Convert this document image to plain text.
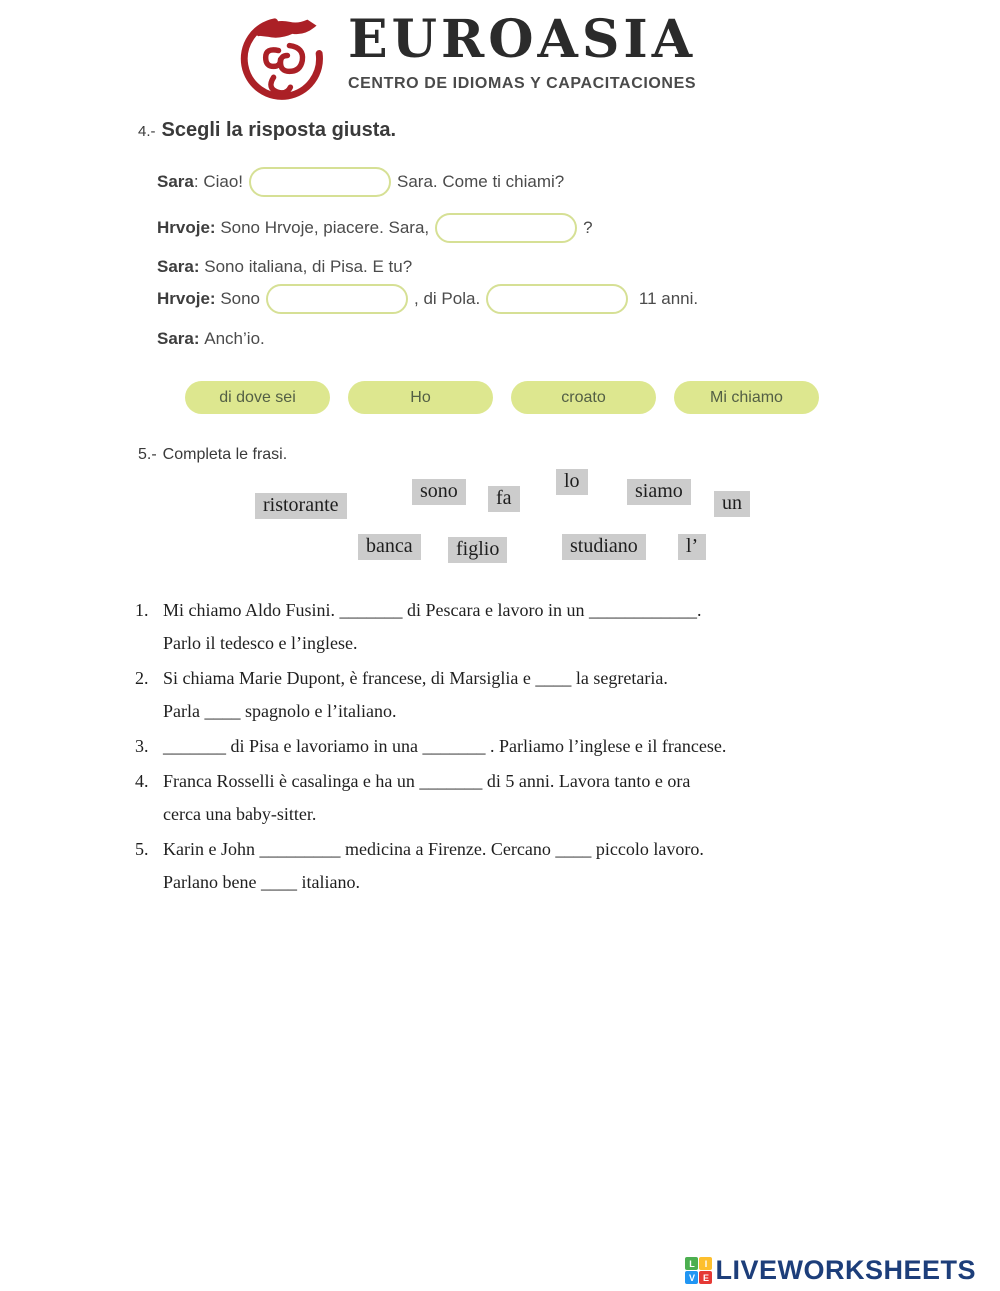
EUROASIA
CENTRO DE IDIOMAS Y CAPACITACIONES
4.- Scegli la risposta giusta.
Sara : Ciao!	Sara. Come ti chiami?
Hrvoje: Sono Hrvoje, piacere. Sara,	?
Sara: Sono italiana, di Pisa. E tu?
Hrvoje: Sono	, di Pola.	11 anni.
Sara: Anch’io.
di dove sei	Ho	croato	Mi chiamo
5.- Completa le frasi.
ristorante
sono	fa
lo	siamo
un
banca	figlio	studiano	l’
1. Mi chiamo Aldo Fusini. _______ di Pescara e lavoro in un ____________.
Parlo il tedesco e l’inglese.
2. Si chiama Marie Dupont, è francese, di Marsiglia e ____ la segretaria.
Parla ____ spagnolo e l’italiano.
3. _______ di Pisa e lavoriamo in una _______ . Parliamo l’inglese e il francese.
4. Franca Rosselli è casalinga e ha un _______ di 5 anni. Lavora tanto e ora
cerca una baby-sitter.
5. Karin e John _________ medicina a Firenze. Cercano ____ piccolo lavoro.
Parlano bene ____ italiano.
L	I
V E LIVEWORKSHEETS
